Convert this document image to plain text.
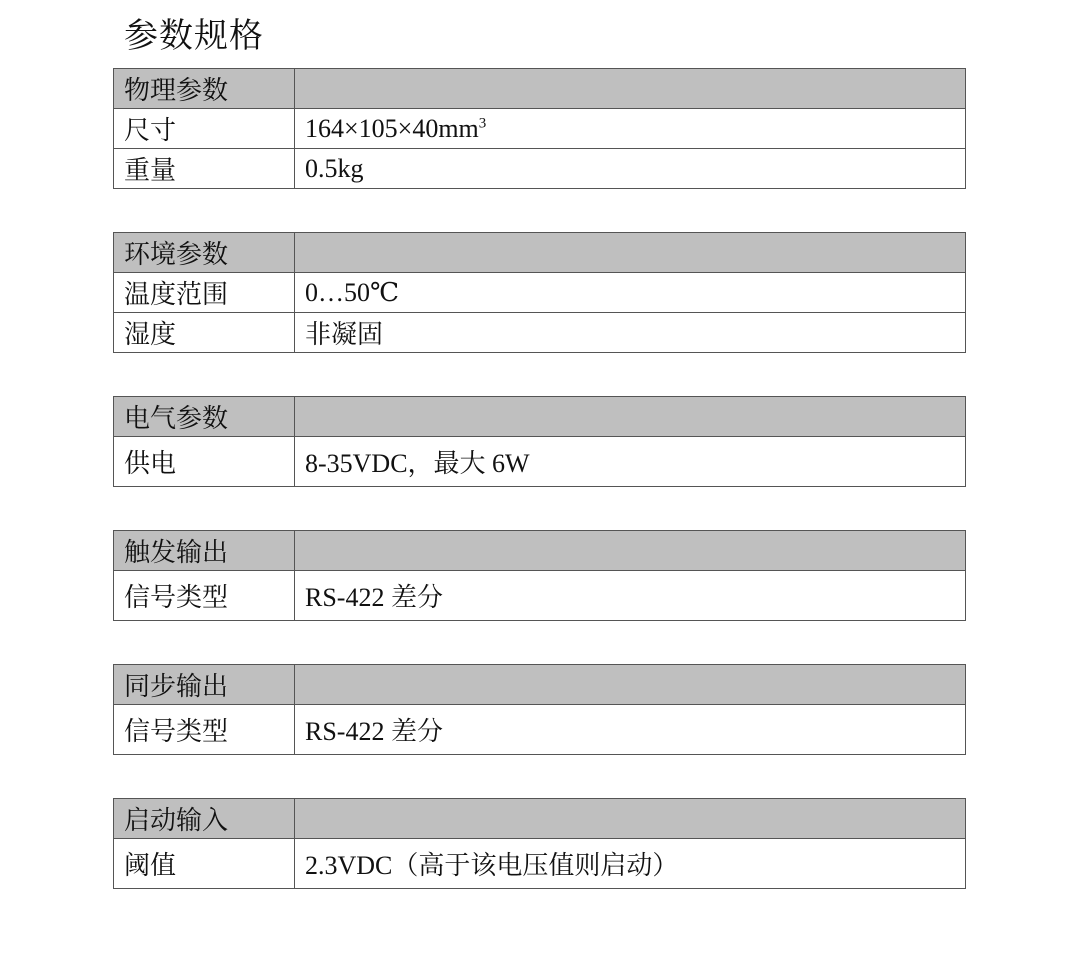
参数规格
物理参数	
尺寸	$164\times 105\times 40mm^3$
重量	0.5kg
环境参数	
温度范围	0…50℃
湿度	非凝固
电气参数	
供电	8-35VDC，最大 6W
触发输出	
信号类型	RS-422 差分
同步输出	
信号类型	RS-422 差分
启动输入	
阈值	2.3VDC（高于该电压值则启动）
